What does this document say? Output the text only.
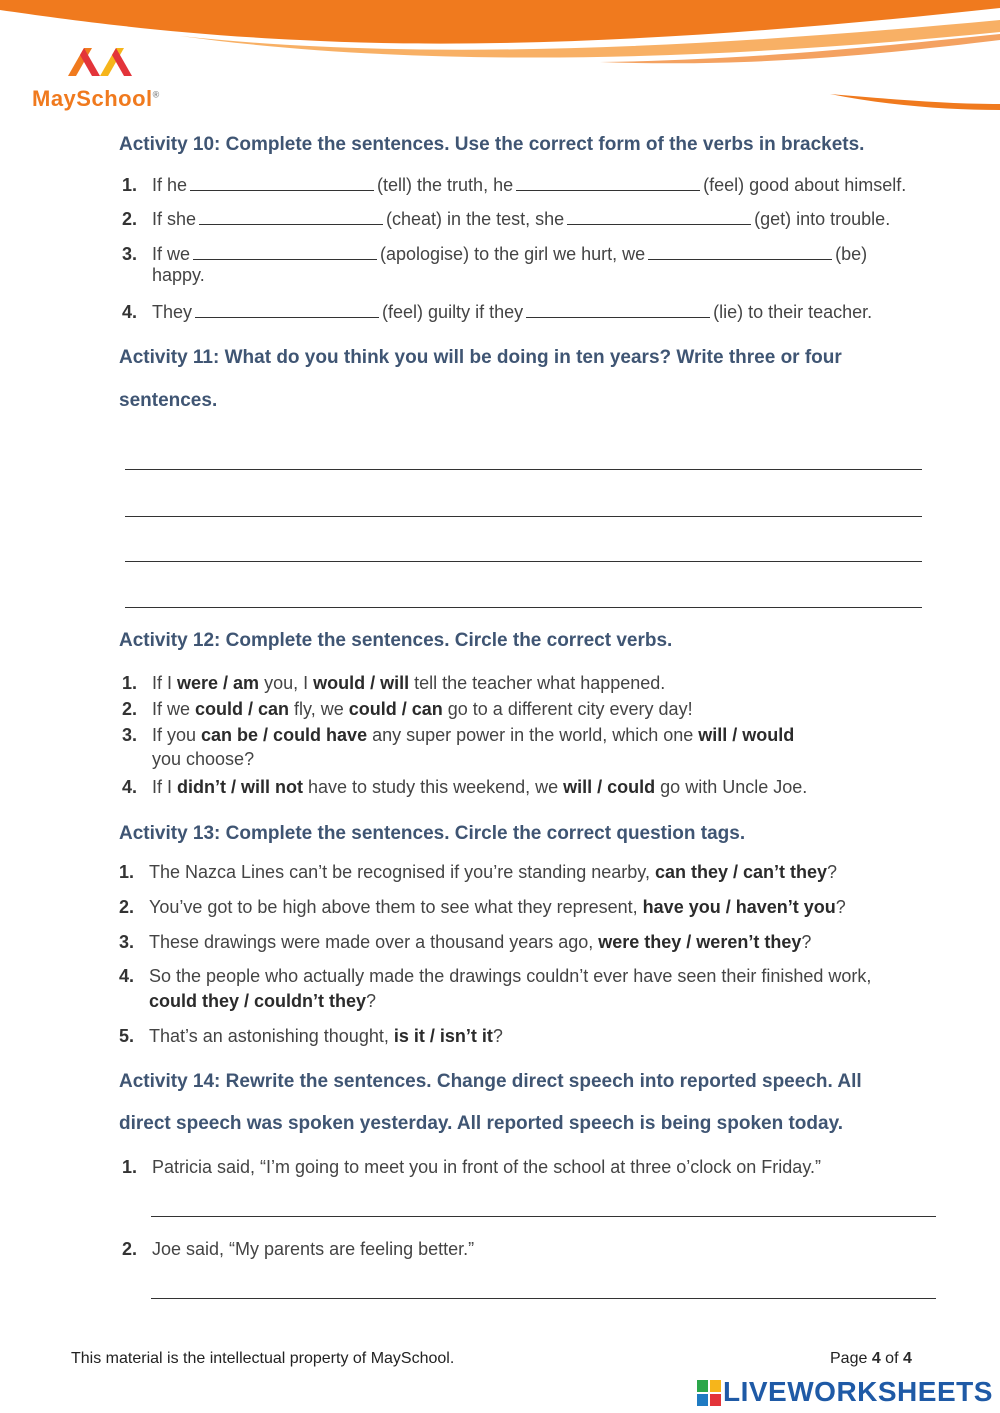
MaySchool®
Activity 10: Complete the sentences. Use the correct form of the verbs in brackets.
1. If he	(tell) the truth, he	(feel) good about himself.
2. If she	(cheat) in the test, she	(get) into trouble.
3. If we	(apologise) to the girl we hurt, we	(be)
happy.
4. They	(feel) guilty if they	(lie) to their teacher.
Activity 11: What do you think you will be doing in ten years? Write three or four
sentences.
Activity 12: Complete the sentences. Circle the correct verbs.
1. If I were / am you, I would / will tell the teacher what happened.
2. If we could / can fly, we could / can go to a different city every day!
3. If you can be / could have any super power in the world, which one will / would
you choose?
4. If I didn’t / will not have to study this weekend, we will / could go with Uncle Joe.
Activity 13: Complete the sentences. Circle the correct question tags.
1. The Nazca Lines can’t be recognised if you’re standing nearby, can they / can’t they?
2. You’ve got to be high above them to see what they represent, have you / haven’t you?
3. These drawings were made over a thousand years ago, were they / weren’t they?
4. So the people who actually made the drawings couldn’t ever have seen their finished work,
could they / couldn’t they?
5. That’s an astonishing thought, is it / isn’t it?
Activity 14: Rewrite the sentences. Change direct speech into reported speech. All
direct speech was spoken yesterday. All reported speech is being spoken today.
1. Patricia said, “I’m going to meet you in front of the school at three o’clock on Friday.”
2. Joe said, “My parents are feeling better.”
This material is the intellectual property of MaySchool.	Page 4 of 4
LIVEWORKSHEETS
